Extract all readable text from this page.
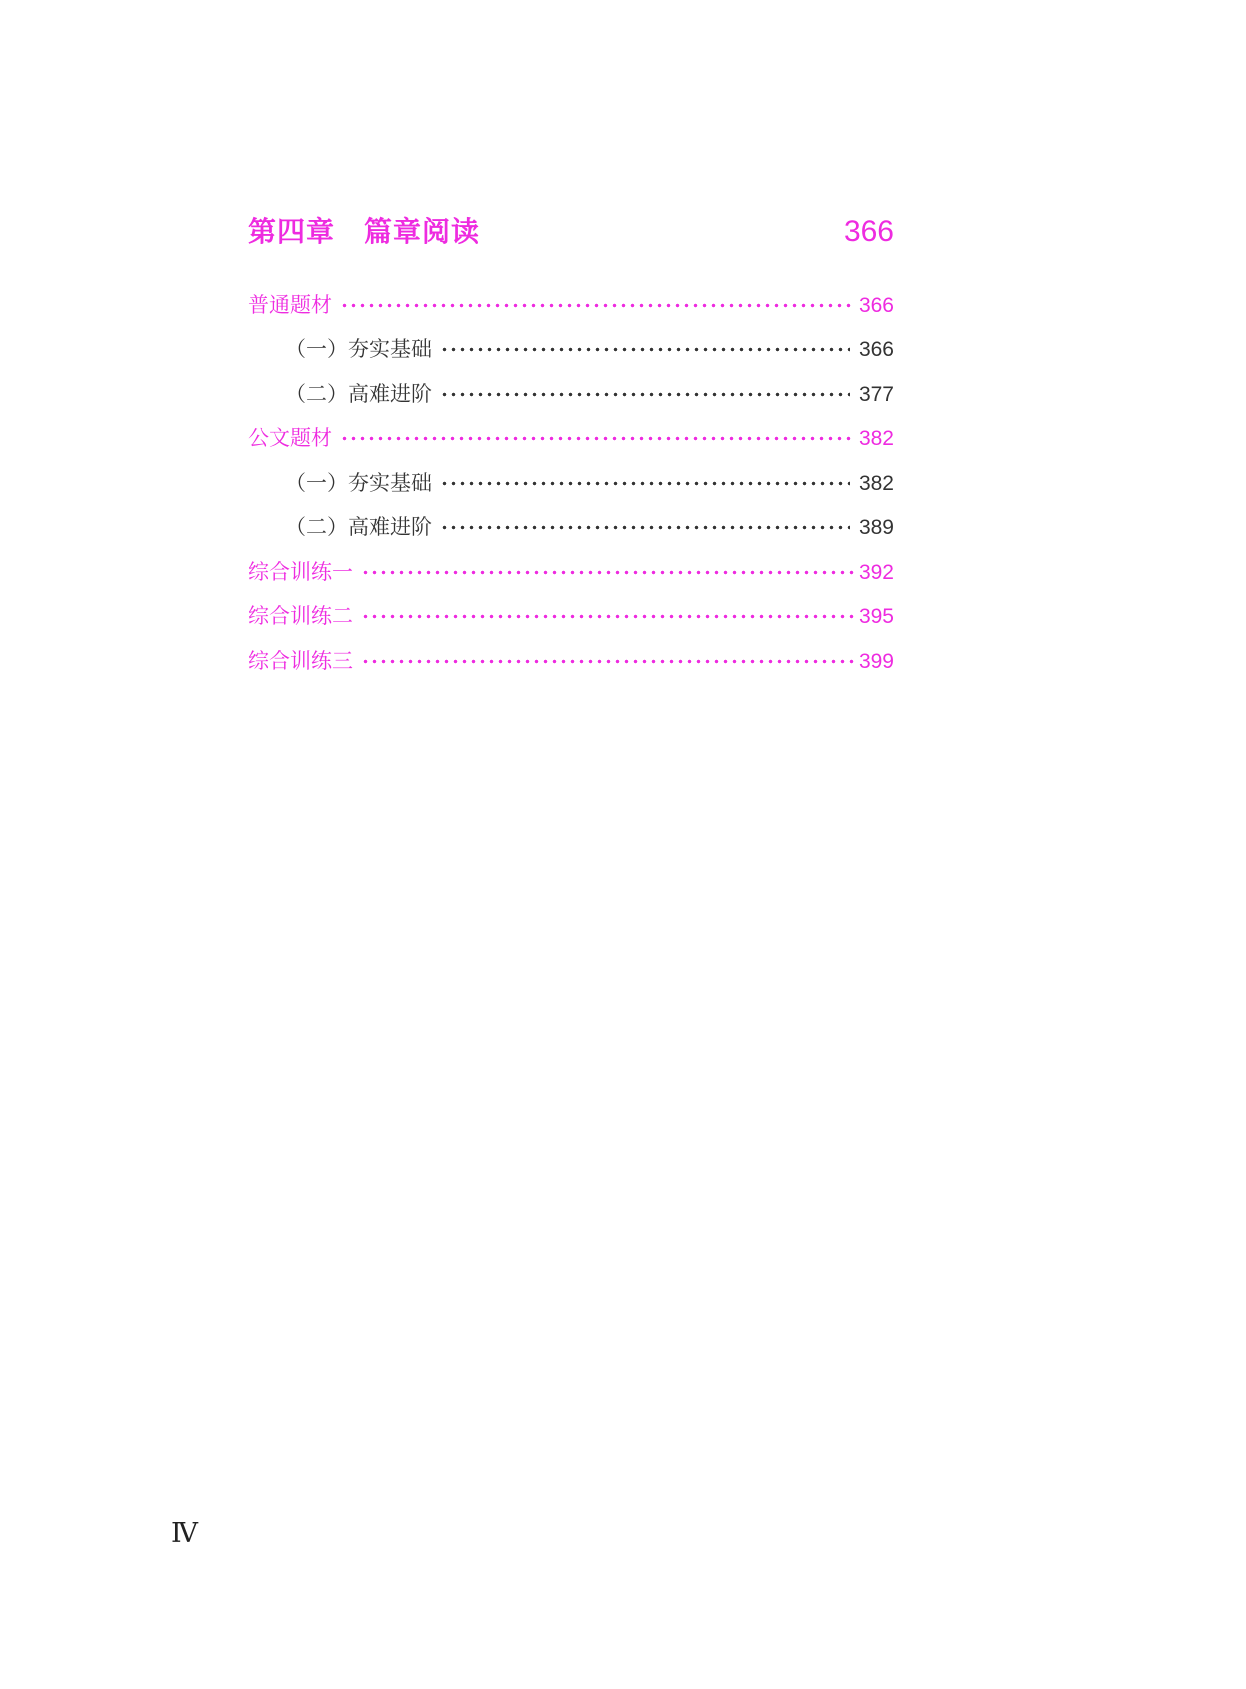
第四章　篇章阅读	366
普通题材	366
（一）夯实基础	366
（二）高难进阶	377
公文题材	382
（一）夯实基础	382
（二）高难进阶	389
综合训练一	392
综合训练二	395
综合训练三	399
Ⅳ
